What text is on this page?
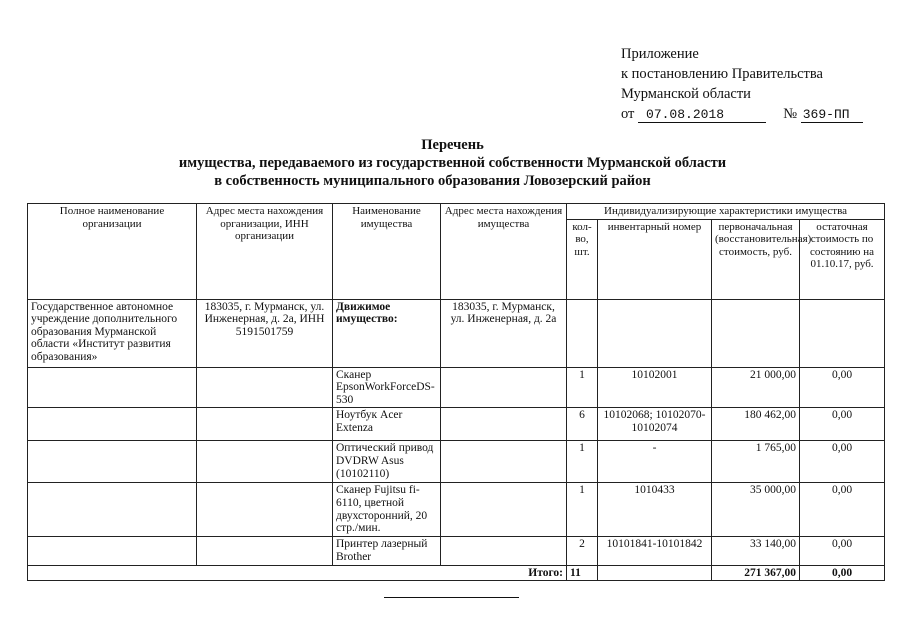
Приложение
к постановлению Правительства
Мурманской области
от 07.08.2018	№ 369-ПП
Перечень
имущества, передаваемого из государственной собственности Мурманской области
в собственность муниципального образования Ловозерский район
Полное наименование организации	Адрес места нахождения организации, ИНН организации	Наименование имущества	Адрес места нахождения имущества	Индивидуализирующие характеристики имущества			
				кол-во, шт.	инвентарный номер	первоначальная (восстановительная) стоимость, руб.	остаточная стоимость по состоянию на 01.10.17, руб.
Государственное автономное учреждение дополнительного образования Мурманской области «Институт развития образования»	183035, г. Мурманск, ул. Инженерная, д. 2а, ИНН 5191501759	Движимое имущество:	183035, г. Мурманск, ул. Инженерная, д. 2а				
		Сканер EpsonWorkForceDS-530		1	10102001	21 000,00	0,00
		Ноутбук Acer Extenza		6	10102068; 10102070-10102074	180 462,00	0,00
		Оптический привод DVDRW Asus (10102110)		1	-	1 765,00	0,00
		Сканер Fujitsu fi-6110, цветной двухсторонний, 20 стр./мин.		1	1010433	35 000,00	0,00
		Принтер лазерный Brother		2	10101841-10101842	33 140,00	0,00
Итого:				11		271 367,00	0,00
